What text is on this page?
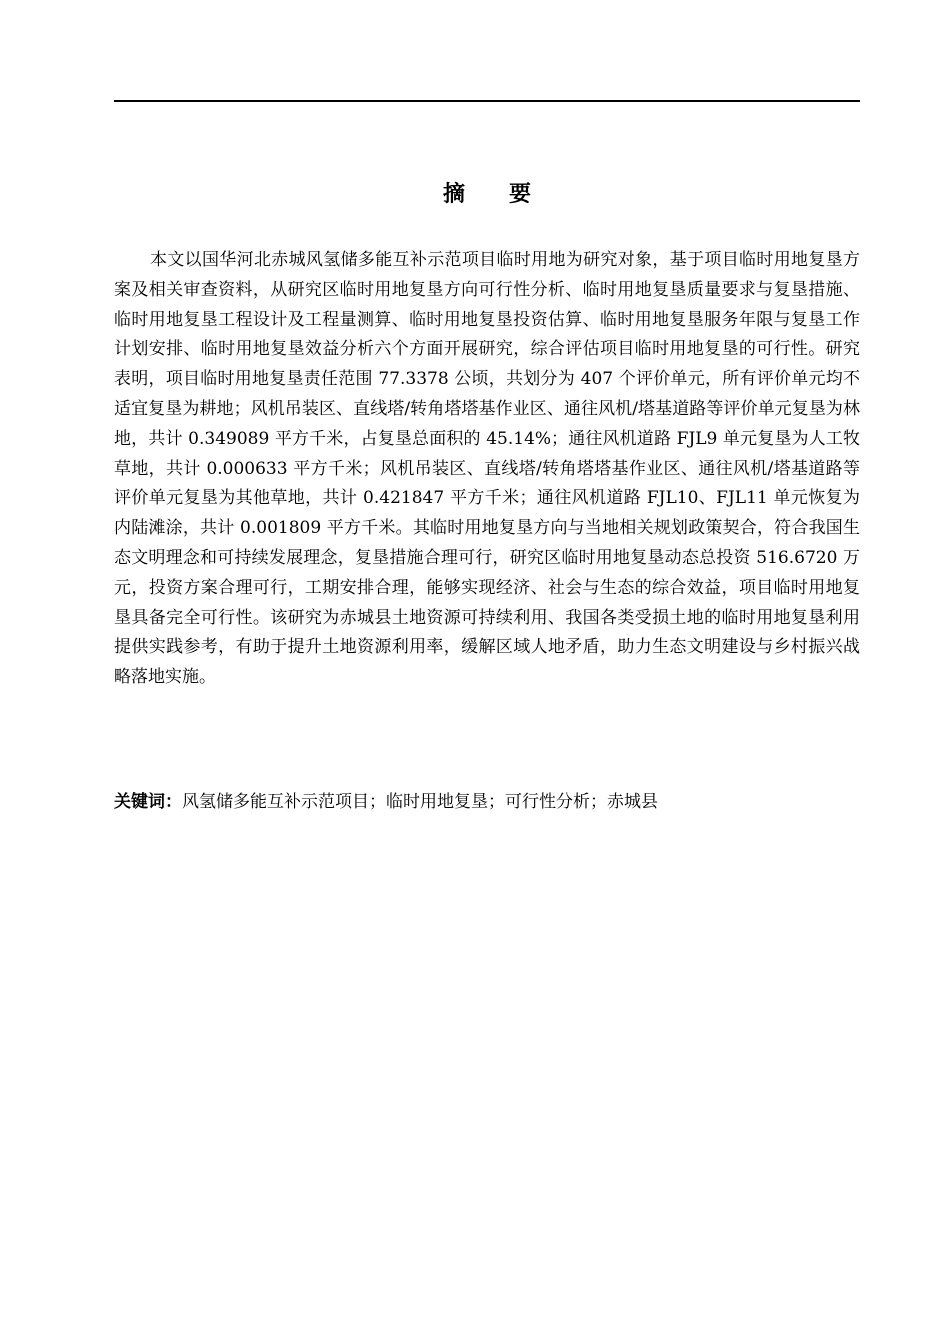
摘 要

本文以国华河北赤城风氢储多能互补示范项目临时用地为研究对象，基于项目临时用地复垦方案及相关审查资料，从研究区临时用地复垦方向可行性分析、临时用地复垦质量要求与复垦措施、临时用地复垦工程设计及工程量测算、临时用地复垦投资估算、临时用地复垦服务年限与复垦工作计划安排、临时用地复垦效益分析六个方面开展研究，综合评估项目临时用地复垦的可行性。研究表明，项目临时用地复垦责任范围 77.3378 公顷，共划分为 407 个评价单元，所有评价单元均不适宜复垦为耕地；风机吊装区、直线塔/转角塔塔基作业区、通往风机/塔基道路等评价单元复垦为林地，共计 0.349089 平方千米，占复垦总面积的 45.14%；通往风机道路 FJL9 单元复垦为人工牧草地，共计 0.000633 平方千米；风机吊装区、直线塔/转角塔塔基作业区、通往风机/塔基道路等评价单元复垦为其他草地，共计 0.421847 平方千米；通往风机道路 FJL10、FJL11 单元恢复为内陆滩涂，共计 0.001809 平方千米。其临时用地复垦方向与当地相关规划政策契合，符合我国生态文明理念和可持续发展理念，复垦措施合理可行，研究区临时用地复垦动态总投资 516.6720 万元，投资方案合理可行，工期安排合理，能够实现经济、社会与生态的综合效益，项目临时用地复垦具备完全可行性。该研究为赤城县土地资源可持续利用、我国各类受损土地的临时用地复垦利用提供实践参考，有助于提升土地资源利用率，缓解区域人地矛盾，助力生态文明建设与乡村振兴战略落地实施。

关键词：风氢储多能互补示范项目；临时用地复垦；可行性分析；赤城县
